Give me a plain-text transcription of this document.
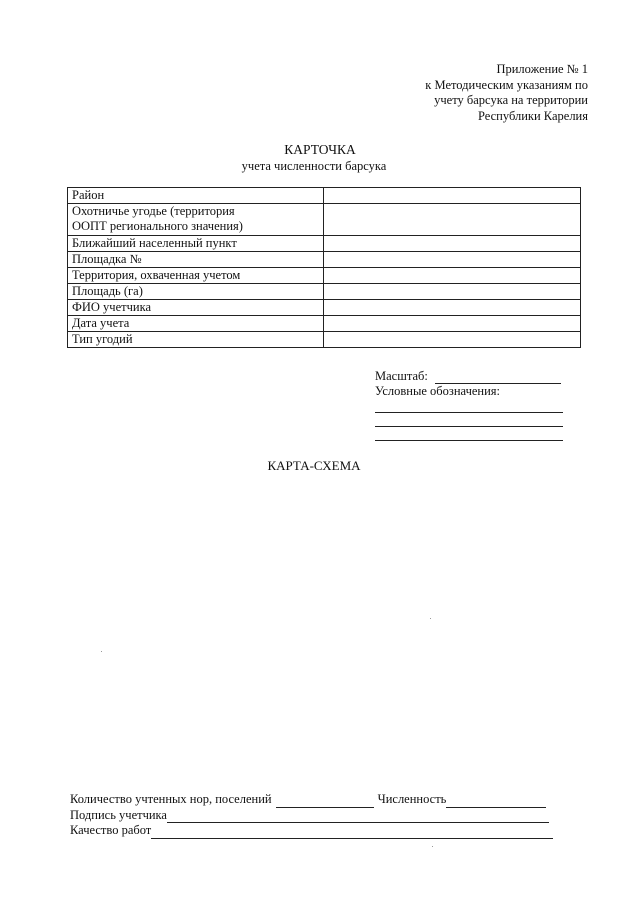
Приложение № 1
к Методическим указаниям по
учету барсука на территории
Республики Карелия
КАРТОЧКА
учета численности барсука
Район	

Охотничье угодье (территория
ООПТ регионального значения)	

Ближайший населенный пункт	
Площадка №	
Территория, охваченная учетом	
Площадь (га)	
ФИО учетчика	
Дата учета	
Тип угодий	
Масштаб:
Условные обозначения:
КАРТА-СХЕМА
Количество учтенных нор, поселений	Численность
Подпись учетчика
Качество работ
